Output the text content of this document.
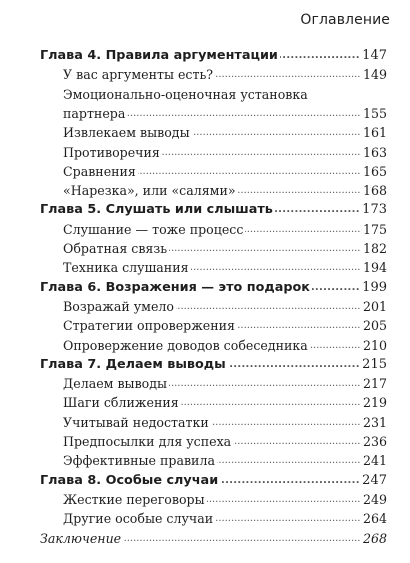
Оглавление
. . .
Глава 4. Правила аргументации	147
. . .
У вас аргументы есть?	149
Эмоционально-оценочная установка
. . .
партнера	155
. . .
Извлекаем выводы	161
. . .
Противоречия	163
. . .
Сравнения	165
. . .
«Нарезка», или «салями»	168
. . .
Глава 5. Слушать или слышать	173
. . .
Слушание — тоже процесс	175
. . .
Обратная связь	182
. . .
Техника слушания	194
. . .
Глава 6. Возражения — это подарок	199
. . .
Возражай умело	201
. . .
Стратегии опровержения	205
. . .
Опровержение доводов собеседника	210
. . .
Глава 7. Делаем выводы	215
. . .
Делаем выводы	217
. . .
Шаги сближения	219
. . .
Учитывай недостатки	231
. . .
Предпосылки для успеха	236
. . .
Эффективные правила	241
. . .
Глава 8. Особые случаи	247
. . .
Жесткие переговоры	249
. . .
Другие особые случаи	264
. . .
Заключение	268
